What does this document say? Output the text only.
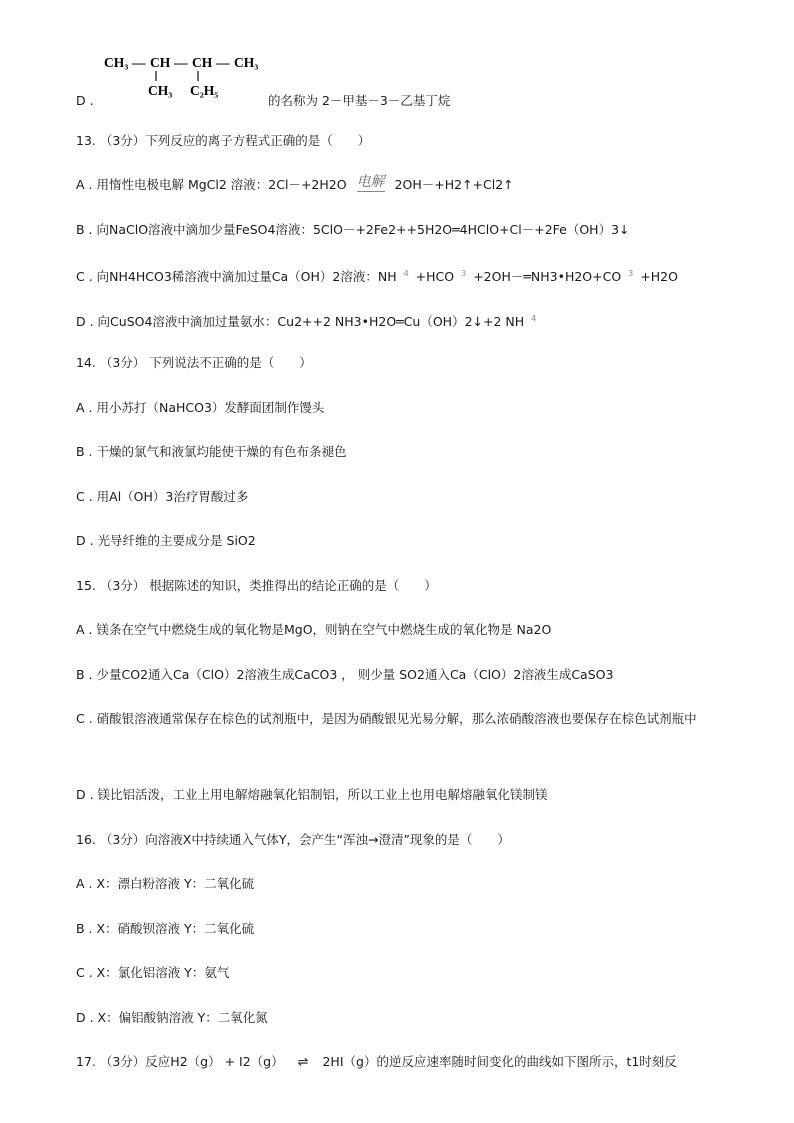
CH₃ — CH — CH — CH₃
CH₃ C₂H₅
D .	的名称为 2－甲基－3－乙基丁烷
13. （3分）下列反应的离子方程式正确的是（　　）
A . 用惰性电极电解 MgCl2 溶液：2Cl－+2H2O 电解 2OH－+H2↑+Cl2↑
B . 向NaClO溶液中滴加少量FeSO4溶液：5ClO－+2Fe2++5H2O═4HClO+Cl－+2Fe（OH）3↓
C . 向NH4HCO3稀溶液中滴加过量Ca（OH）2溶液：NH $^4$ +HCO $^3$ +2OH－═NH3•H2O+CO $^3$ +H2O
D . 向CuSO4溶液中滴加过量氨水：Cu2++2 NH3•H2O═Cu（OH）2↓+2 NH $^4$
14. （3分） 下列说法不正确的是（　　）
A . 用小苏打（NaHCO3）发酵面团制作馒头
B . 干燥的氯气和液氯均能使干燥的有色布条褪色
C . 用Al（OH）3治疗胃酸过多
D . 光导纤维的主要成分是 SiO2
15. （3分） 根据陈述的知识，类推得出的结论正确的是（　　）
A . 镁条在空气中燃烧生成的氧化物是MgO，则钠在空气中燃烧生成的氧化物是 Na2O
B . 少量CO2通入Ca（ClO）2溶液生成CaCO3 ， 则少量 SO2通入Ca（ClO）2溶液生成CaSO3
C . 硝酸银溶液通常保存在棕色的试剂瓶中，是因为硝酸银见光易分解，那么浓硝酸溶液也要保存在棕色试剂瓶中
D . 镁比铝活泼，工业上用电解熔融氧化铝制铝，所以工业上也用电解熔融氧化镁制镁
16. （3分）向溶液X中持续通入气体Y，会产生“浑浊→澄清”现象的是（　　）
A . X：漂白粉溶液 Y：二氧化硫
B . X：硝酸钡溶液 Y：二氧化硫
C . X：氯化铝溶液 Y：氨气
D . X：偏铝酸钠溶液 Y：二氧化氮
17. （3分）反应H2（g） + I2（g） ⇌ 2HI（g）的逆反应速率随时间变化的曲线如下图所示，t1时刻反
